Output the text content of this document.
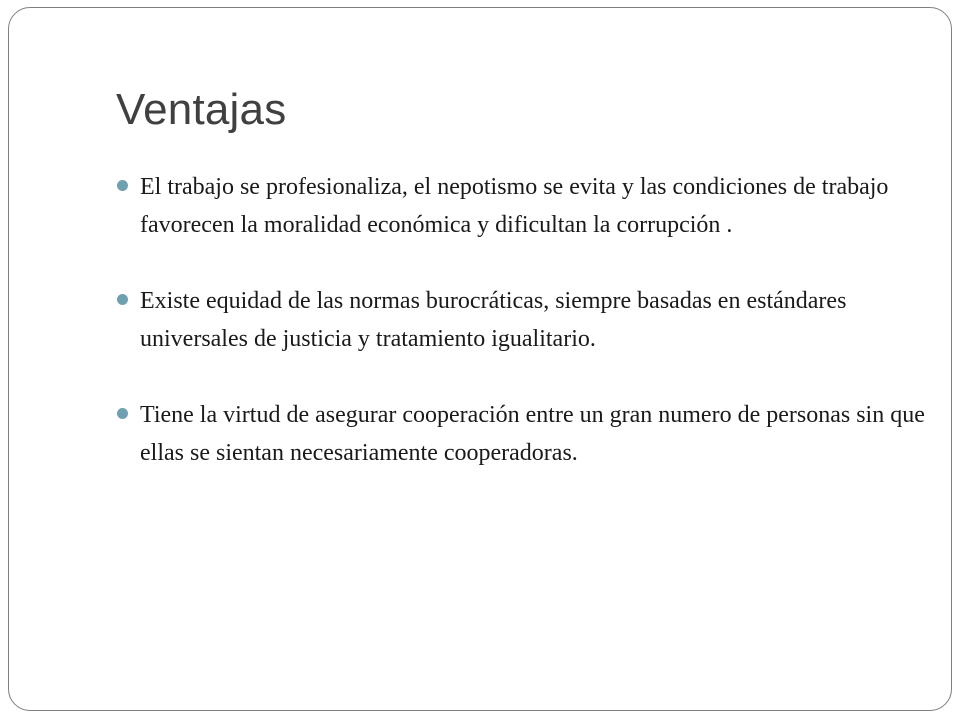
Ventajas
El trabajo se profesionaliza, el nepotismo se evita y las condiciones de trabajo favorecen la moralidad económica y dificultan la corrupción .
Existe equidad de las normas burocráticas, siempre basadas en estándares universales de justicia y tratamiento igualitario.
Tiene la virtud de asegurar cooperación entre un gran numero de personas sin que ellas se sientan necesariamente cooperadoras.
